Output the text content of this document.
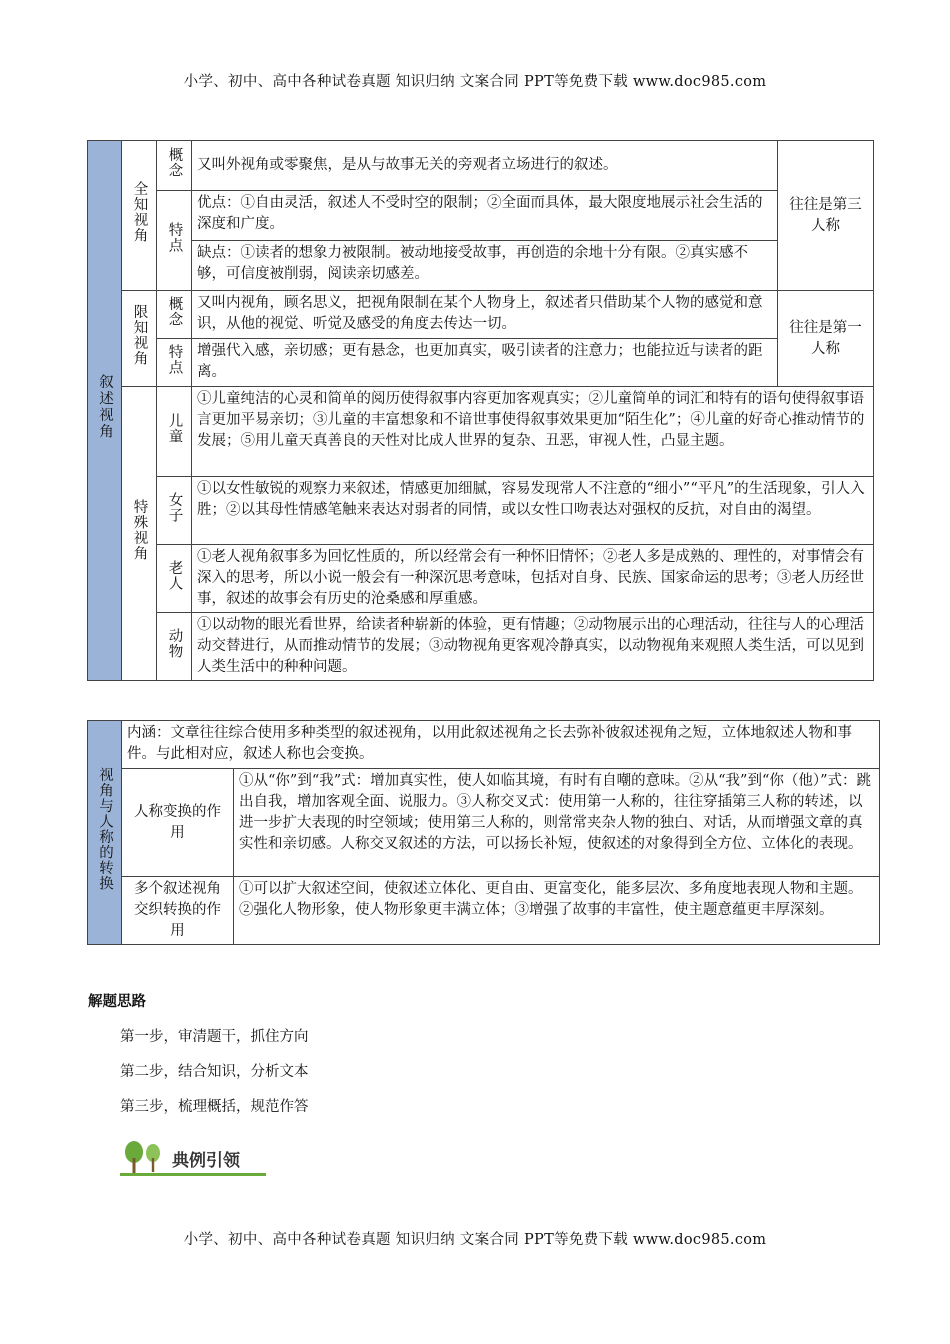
小学、初中、高中各种试卷真题 知识归纳 文案合同 PPT等免费下载 www.doc985.com
叙述视角	全知视角	概念	又叫外视角或零聚焦，是从与故事无关的旁观者立场进行的叙述。	往往是第三人称
		特点	优点：①自由灵活，叙述人不受时空的限制；②全面而具体，最大限度地展示社会生活的深度和广度。	
			缺点：①读者的想象力被限制。被动地接受故事，再创造的余地十分有限。②真实感不够，可信度被削弱，阅读亲切感差。	
	限知视角	概念	又叫内视角，顾名思义，把视角限制在某个人物身上，叙述者只借助某个人物的感觉和意识，从他的视觉、听觉及感受的角度去传达一切。	往往是第一人称
		特点	增强代入感，亲切感；更有悬念，也更加真实，吸引读者的注意力；也能拉近与读者的距离。	
	特殊视角	儿童	①儿童纯洁的心灵和简单的阅历使得叙事内容更加客观真实；②儿童简单的词汇和特有的语句使得叙事语言更加平易亲切；③儿童的丰富想象和不谙世事使得叙事效果更加“陌生化”；④儿童的好奇心推动情节的发展；⑤用儿童天真善良的天性对比成人世界的复杂、丑恶，审视人性，凸显主题。	
		女子	①以女性敏锐的观察力来叙述，情感更加细腻，容易发现常人不注意的“细小”“平凡”的生活现象，引人入胜；②以其母性情感笔触来表达对弱者的同情，或以女性口吻表达对强权的反抗，对自由的渴望。	
		老人	①老人视角叙事多为回忆性质的，所以经常会有一种怀旧情怀；②老人多是成熟的、理性的，对事情会有深入的思考，所以小说一般会有一种深沉思考意味，包括对自身、民族、国家命运的思考；③老人历经世事，叙述的故事会有历史的沧桑感和厚重感。	
		动物	①以动物的眼光看世界，给读者种崭新的体验，更有情趣；②动物展示出的心理活动，往往与人的心理活动交替进行，从而推动情节的发展；③动物视角更客观冷静真实，以动物视角来观照人类生活，可以见到人类生活中的种种问题。	
视角与人称的转换	内涵：文章往往综合使用多种类型的叙述视角，以用此叙述视角之长去弥补彼叙述视角之短，立体地叙述人物和事件。与此相对应，叙述人称也会变换。	
	人称变换的作用	①从“你”到“我”式：增加真实性，使人如临其境，有时有自嘲的意味。②从“我”到“你（他）”式：跳出自我，增加客观全面、说服力。③人称交叉式：使用第一人称的，往往穿插第三人称的转述，以进一步扩大表现的时空领域；使用第三人称的，则常常夹杂人物的独白、对话，从而增强文章的真实性和亲切感。人称交叉叙述的方法，可以扬长补短，使叙述的对象得到全方位、立体化的表现。
	多个叙述视角交织转换的作用	①可以扩大叙述空间，使叙述立体化、更自由、更富变化，能多层次、多角度地表现人物和主题。②强化人物形象，使人物形象更丰满立体；③增强了故事的丰富性，使主题意蕴更丰厚深刻。
解题思路

第一步，审清题干，抓住方向

第二步，结合知识，分析文本

第三步，梳理概括，规范作答

典例引领
小学、初中、高中各种试卷真题 知识归纳 文案合同 PPT等免费下载 www.doc985.com
